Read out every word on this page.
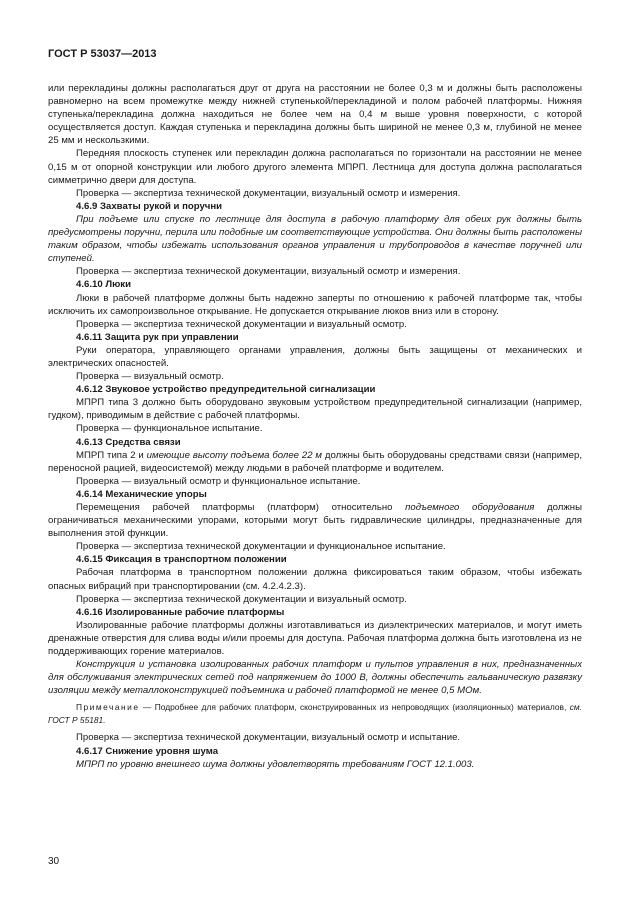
ГОСТ Р 53037—2013

или перекладины должны располагаться друг от друга на расстоянии не более 0,3 м и должны быть расположены равномерно на всем промежутке между нижней ступенькой/перекладиной и полом рабочей платформы. Нижняя ступенька/перекладина должна находиться не более чем на 0,4 м выше уровня поверхности, с которой осуществляется доступ. Каждая ступенька и перекладина должны быть шириной не менее 0,3 м, глубиной не менее 25 мм и нескользкими.

Передняя плоскость ступенек или перекладин должна располагаться по горизонтали на расстоянии не менее 0,15 м от опорной конструкции или любого другого элемента МПРП. Лестница для доступа должна располагаться симметрично двери для доступа.

Проверка — экспертиза технической документации, визуальный осмотр и измерения.

4.6.9 Захваты рукой и поручни

При подъеме или спуске по лестнице для доступа в рабочую платформу для обеих рук должны быть предусмотрены поручни, перила или подобные им соответствующие устройства. Они должны быть расположены таким образом, чтобы избежать использования органов управления и трубопроводов в качестве поручней или ступеней.

Проверка — экспертиза технической документации, визуальный осмотр и измерения.

4.6.10 Люки

Люки в рабочей платформе должны быть надежно заперты по отношению к рабочей платформе так, чтобы исключить их самопроизвольное открывание. Не допускается открывание люков вниз или в сторону.

Проверка — экспертиза технической документации и визуальный осмотр.

4.6.11 Защита рук при управлении

Руки оператора, управляющего органами управления, должны быть защищены от механических и электрических опасностей.

Проверка — визуальный осмотр.

4.6.12 Звуковое устройство предупредительной сигнализации

МПРП типа 3 должно быть оборудовано звуковым устройством предупредительной сигнализации (например, гудком), приводимым в действие с рабочей платформы.

Проверка — функциональное испытание.

4.6.13 Средства связи

МПРП типа 2 и имеющие высоту подъема более 22 м должны быть оборудованы средствами связи (например, переносной рацией, видеосистемой) между людьми в рабочей платформе и водителем.

Проверка — визуальный осмотр и функциональное испытание.

4.6.14 Механические упоры

Перемещения рабочей платформы (платформ) относительно подъемного оборудования должны ограничиваться механическими упорами, которыми могут быть гидравлические цилиндры, предназначенные для выполнения этой функции.

Проверка — экспертиза технической документации и функциональное испытание.

4.6.15 Фиксация в транспортном положении

Рабочая платформа в транспортном положении должна фиксироваться таким образом, чтобы избежать опасных вибраций при транспортировании (см. 4.2.4.2.3).

Проверка — экспертиза технической документации и визуальный осмотр.

4.6.16 Изолированные рабочие платформы

Изолированные рабочие платформы должны изготавливаться из диэлектрических материалов, и могут иметь дренажные отверстия для слива воды и/или проемы для доступа. Рабочая платформа должна быть изготовлена из не поддерживающих горение материалов.

Конструкция и установка изолированных рабочих платформ и пультов управления в них, предназначенных для обслуживания электрических сетей под напряжением до 1000 В, должны обеспечить гальваническую развязку изоляции между металлоконструкцией подъемника и рабочей платформой не менее 0,5 МОм.

Примечание — Подробнее для рабочих платформ, сконструированных из непроводящих (изоляционных) материалов, см. ГОСТ Р 55181.

Проверка — экспертиза технической документации, визуальный осмотр и испытание.

4.6.17 Снижение уровня шума

МПРП по уровню внешнего шума должны удовлетворять требованиям ГОСТ 12.1.003.

30
